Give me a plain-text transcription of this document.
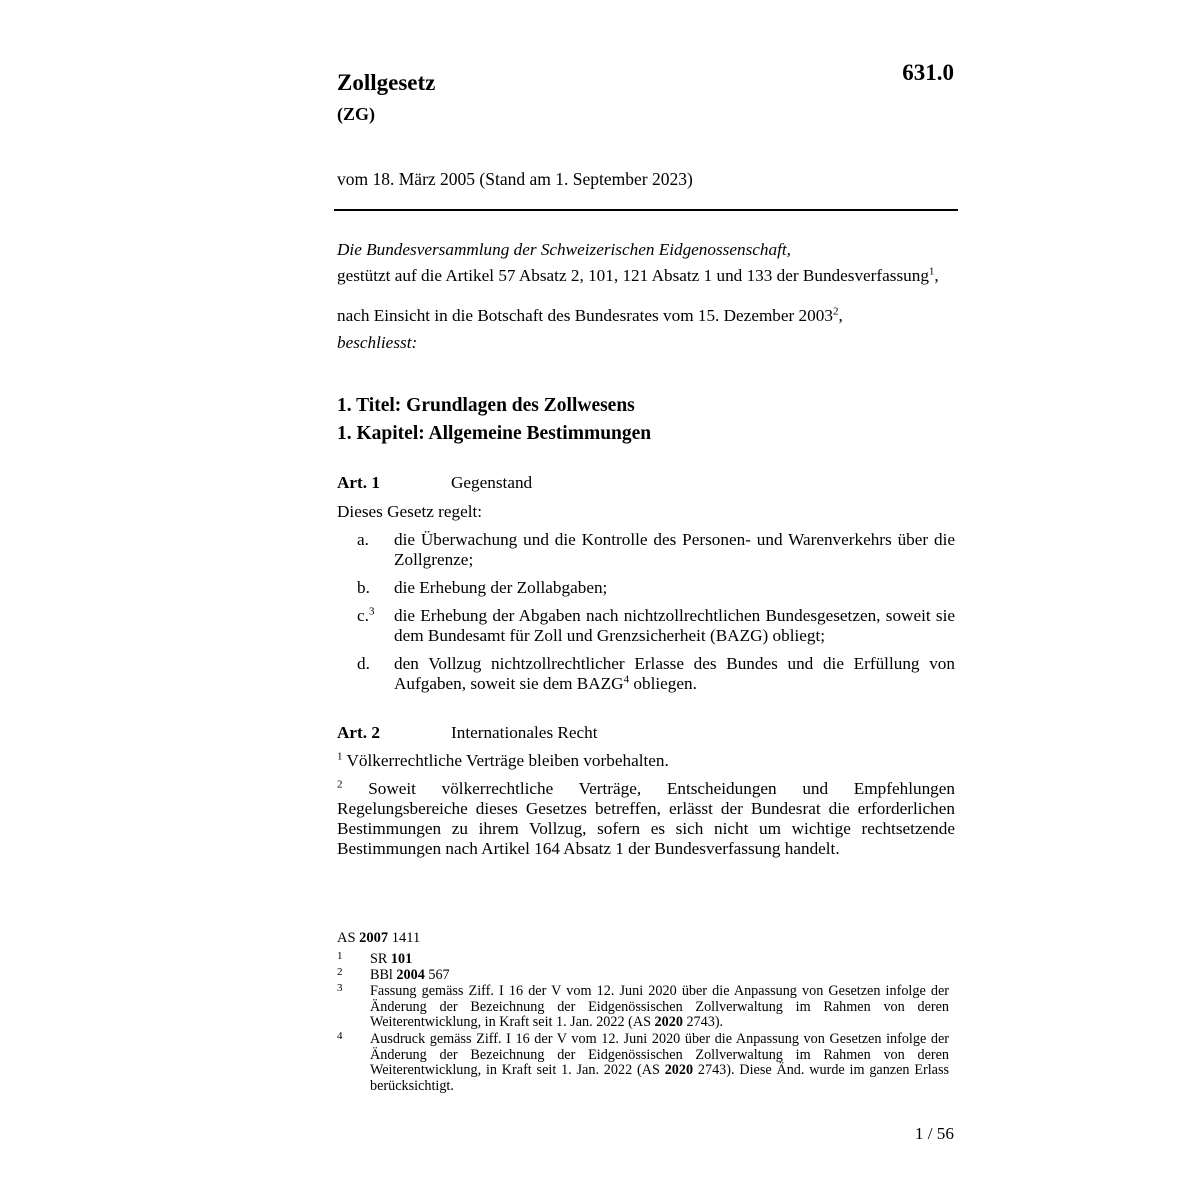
Zollgesetz
(ZG)
631.0
vom 18. März 2005 (Stand am 1. September 2023)
Die Bundesversammlung der Schweizerischen Eidgenossenschaft,
gestützt auf die Artikel 57 Absatz 2, 101, 121 Absatz 1 und 133 der Bundesverfassung$^1$,
nach Einsicht in die Botschaft des Bundesrates vom 15. Dezember 2003$^2$,
beschliesst:
1. Titel: Grundlagen des Zollwesens
1. Kapitel: Allgemeine Bestimmungen
Art. 1	Gegenstand
Dieses Gesetz regelt:
a. die Überwachung und die Kontrolle des Personen- und Warenverkehrs über die Zollgrenze;
b. die Erhebung der Zollabgaben;
c.$^3$ die Erhebung der Abgaben nach nichtzollrechtlichen Bundesgesetzen, soweit sie dem Bundesamt für Zoll und Grenzsicherheit (BAZG) obliegt;
d. den Vollzug nichtzollrechtlicher Erlasse des Bundes und die Erfüllung von Aufgaben, soweit sie dem BAZG$^4$ obliegen.
Art. 2	Internationales Recht
$^1$ Völkerrechtliche Verträge bleiben vorbehalten.
$^2$ Soweit völkerrechtliche Verträge, Entscheidungen und Empfehlungen Regelungsbereiche dieses Gesetzes betreffen, erlässt der Bundesrat die erforderlichen Bestimmungen zu ihrem Vollzug, sofern es sich nicht um wichtige rechtsetzende Bestimmungen nach Artikel 164 Absatz 1 der Bundesverfassung handelt.
AS 2007 1411
1 SR 101
2 BBl 2004 567
3 Fassung gemäss Ziff. I 16 der V vom 12. Juni 2020 über die Anpassung von Gesetzen infolge der Änderung der Bezeichnung der Eidgenössischen Zollverwaltung im Rahmen von deren Weiterentwicklung, in Kraft seit 1. Jan. 2022 (AS 2020 2743).
4 Ausdruck gemäss Ziff. I 16 der V vom 12. Juni 2020 über die Anpassung von Gesetzen infolge der Änderung der Bezeichnung der Eidgenössischen Zollverwaltung im Rahmen von deren Weiterentwicklung, in Kraft seit 1. Jan. 2022 (AS 2020 2743). Diese Änd. wurde im ganzen Erlass berücksichtigt.
1 / 56
